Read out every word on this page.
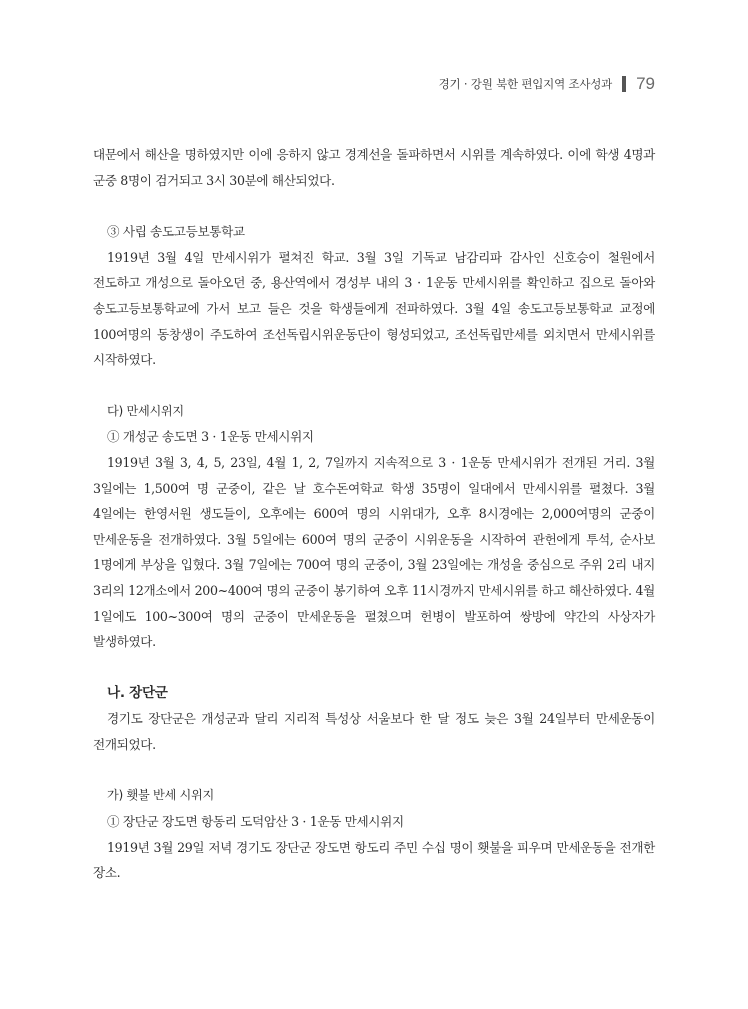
경기 · 강원 북한 편입지역 조사성과 79

대문에서 해산을 명하였지만 이에 응하지 않고 경계선을 돌파하면서 시위를 계속하였다. 이에 학생 4명과 군중 8명이 검거되고 3시 30분에 해산되었다.

③ 사립 송도고등보통학교

1919년 3월 4일 만세시위가 펼쳐진 학교. 3월 3일 기독교 남감리파 감사인 신호승이 철원에서 전도하고 개성으로 돌아오던 중, 용산역에서 경성부 내의 3 · 1운동 만세시위를 확인하고 집으로 돌아와 송도고등보통학교에 가서 보고 들은 것을 학생들에게 전파하였다. 3월 4일 송도고등보통학교 교정에 100여명의 동창생이 주도하여 조선독립시위운동단이 형성되었고, 조선독립만세를 외치면서 만세시위를 시작하였다.

다) 만세시위지
① 개성군 송도면 3 · 1운동 만세시위지

1919년 3월 3, 4, 5, 23일, 4월 1, 2, 7일까지 지속적으로 3 · 1운동 만세시위가 전개된 거리. 3월 3일에는 1,500여 명 군중이, 같은 날 호수돈여학교 학생 35명이 일대에서 만세시위를 펼쳤다. 3월 4일에는 한영서원 생도들이, 오후에는 600여 명의 시위대가, 오후 8시경에는 2,000여명의 군중이 만세운동을 전개하였다. 3월 5일에는 600여 명의 군중이 시위운동을 시작하여 관헌에게 투석, 순사보 1명에게 부상을 입혔다. 3월 7일에는 700여 명의 군중이, 3월 23일에는 개성을 중심으로 주위 2리 내지 3리의 12개소에서 200~400여 명의 군중이 봉기하여 오후 11시경까지 만세시위를 하고 해산하였다. 4월 1일에도 100~300여 명의 군중이 만세운동을 펼쳤으며 헌병이 발포하여 쌍방에 약간의 사상자가 발생하였다.

나. 장단군

경기도 장단군은 개성군과 달리 지리적 특성상 서울보다 한 달 정도 늦은 3월 24일부터 만세운동이 전개되었다.

가) 횃불 반세 시위지
① 장단군 장도면 항동리 도덕암산 3 · 1운동 만세시위지

1919년 3월 29일 저녁 경기도 장단군 장도면 항도리 주민 수십 명이 횃불을 피우며 만세운동을 전개한 장소.
